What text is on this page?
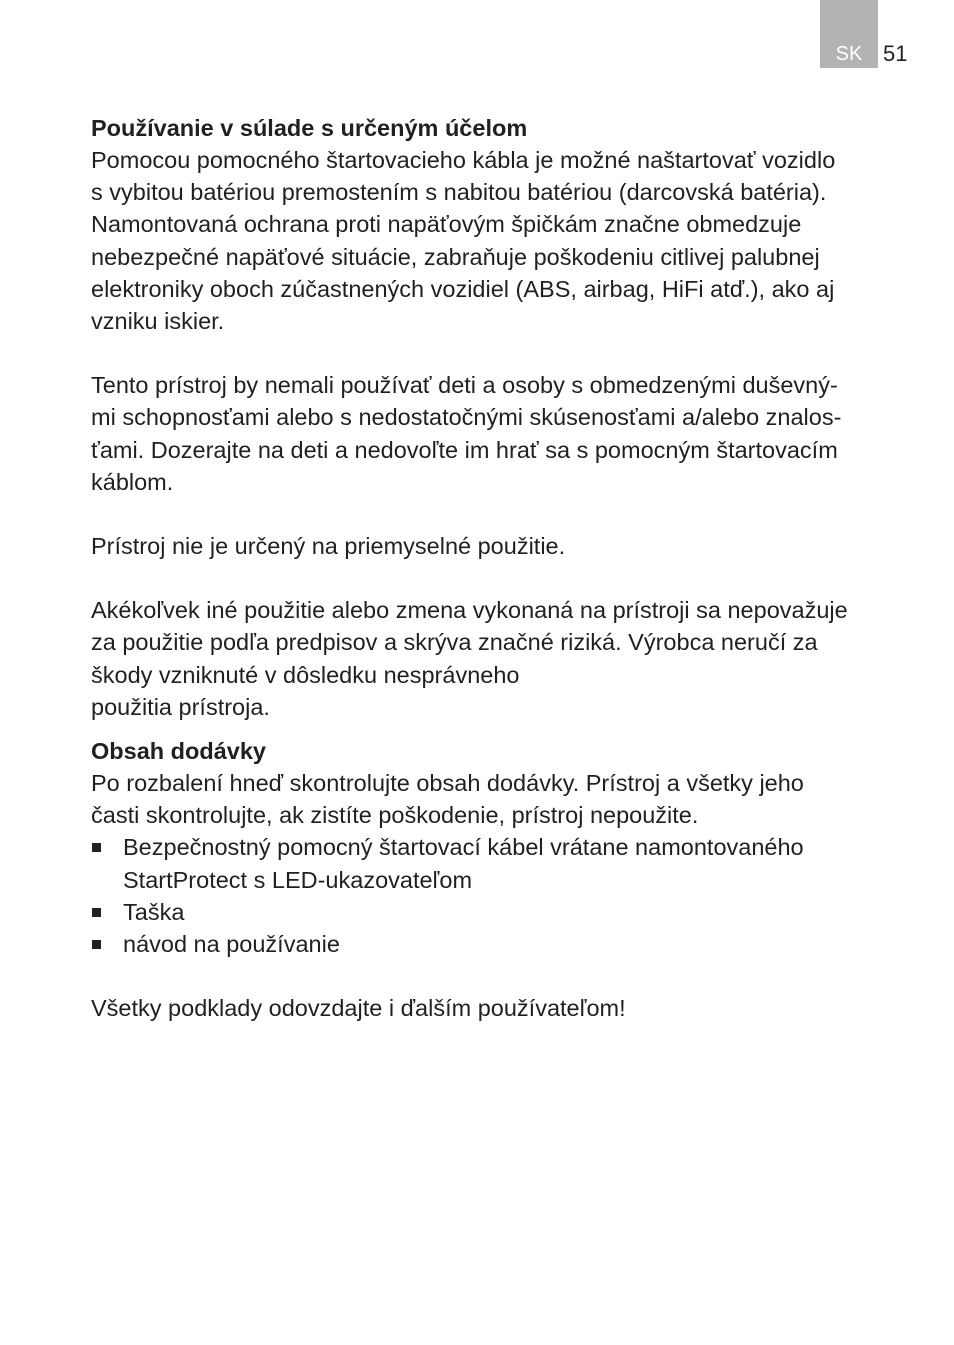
SK 51
Používanie v súlade s určeným účelom

Pomocou pomocného štartovacieho kábla je možné naštartovať vozidlo
s vybitou batériou premostením s nabitou batériou (darcovská batéria).
Namontovaná ochrana proti napäťovým špičkám značne obmedzuje
nebezpečné napäťové situácie, zabraňuje poškodeniu citlivej palubnej
elektroniky oboch zúčastnených vozidiel (ABS, airbag, HiFi atď.), ako aj
vzniku iskier.

Tento prístroj by nemali používať deti a osoby s obmedzenými duševný-
mi schopnosťami alebo s nedostatočnými skúsenosťami a/alebo znalos-
ťami. Dozerajte na deti a nedovoľte im hrať sa s pomocným štartovacím
káblom.

Prístroj nie je určený na priemyselné použitie.

Akékoľvek iné použitie alebo zmena vykonaná na prístroji sa nepovažuje
za použitie podľa predpisov a skrýva značné riziká. Výrobca neručí za
škody vzniknuté v dôsledku nesprávneho
použitia prístroja.

Obsah dodávky

Po rozbalení hneď skontrolujte obsah dodávky. Prístroj a všetky jeho
časti skontrolujte, ak zistíte poškodenie, prístroj nepoužite.

Bezpečnostný pomocný štartovací kábel vrátane namontovaného
StartProtect s LED-ukazovateľom
Taška
návod na používanie

Všetky podklady odovzdajte i ďalším používateľom!
